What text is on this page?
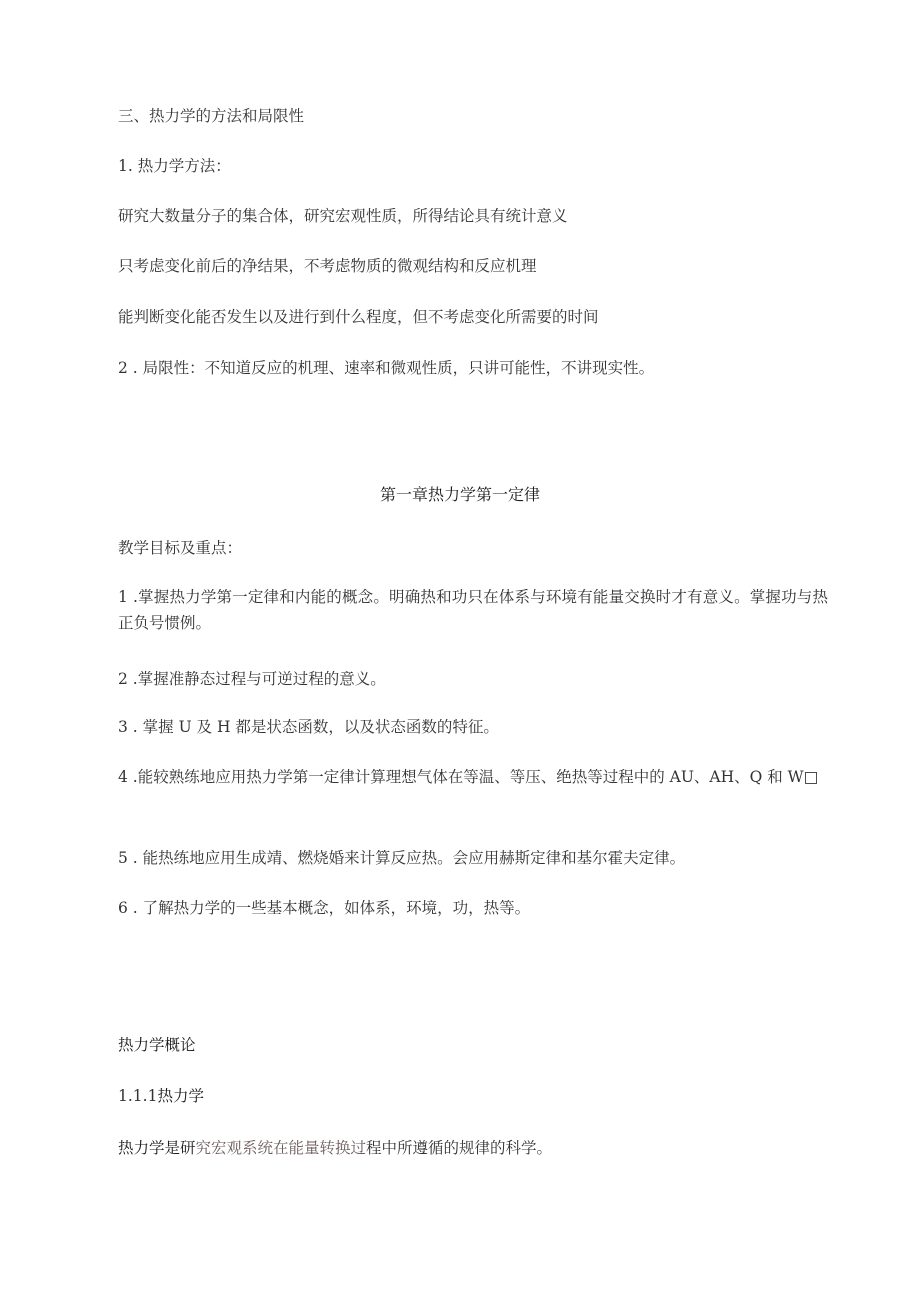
三、热力学的方法和局限性

1. 热力学方法：

研究大数量分子的集合体，研究宏观性质，所得结论具有统计意义

只考虑变化前后的净结果，不考虑物质的微观结构和反应机理

能判断变化能否发生以及进行到什么程度，但不考虑变化所需要的时间

2 . 局限性：不知道反应的机理、速率和微观性质，只讲可能性，不讲现实性。

第一章热力学第一定律

教学目标及重点：

1 .掌握热力学第一定律和内能的概念。明确热和功只在体系与环境有能量交换时才有意义。掌握功与热正负号惯例。

2 .掌握准静态过程与可逆过程的意义。

3 . 掌握 U 及 H 都是状态函数，以及状态函数的特征。

4 .能较熟练地应用热力学第一定律计算理想气体在等温、等压、绝热等过程中的 AU、AH、Q 和 W□

5 . 能热练地应用生成靖、燃烧婚来计算反应热。会应用赫斯定律和基尔霍夫定律。

6 . 了解热力学的一些基本概念，如体系，环境，功，热等。

热力学概论

1.1.1热力学

热力学是研究宏观系统在能量转换过程中所遵循的规律的科学。
